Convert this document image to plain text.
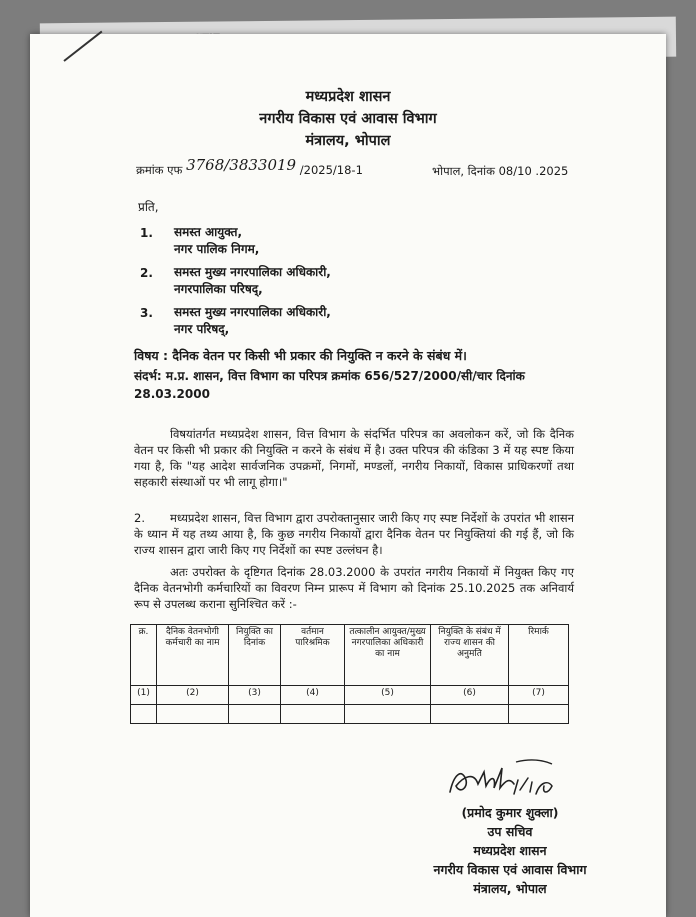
मध्यप्रदेश शासन
नगरीय विकास एवं आवास विभाग
मंत्रालय, भोपाल
क्रमांक एफ 3768/3833019 /2025/18-1	भोपाल, दिनांक 08/10 .2025
प्रति,
1. समस्त आयुक्त,
नगर पालिक निगम,
2. समस्त मुख्य नगरपालिका अधिकारी,
नगरपालिका परिषद्,
3. समस्त मुख्य नगरपालिका अधिकारी,
नगर परिषद्,
विषय : दैनिक वेतन पर किसी भी प्रकार की नियुक्ति न करने के संबंध में।
संदर्भ: म.प्र. शासन, वित्त विभाग का परिपत्र क्रमांक 656/527/2000/सी/चार दिनांक 28.03.2000
विषयांतर्गत मध्यप्रदेश शासन, वित्त विभाग के संदर्भित परिपत्र का अवलोकन करें, जो कि दैनिक वेतन पर किसी भी प्रकार की नियुक्ति न करने के संबंध में है। उक्त परिपत्र की कंडिका 3 में यह स्पष्ट किया गया है, कि "यह आदेश सार्वजनिक उपक्रमों, निगमों, मण्डलों, नगरीय निकायों, विकास प्राधिकरणों तथा सहकारी संस्थाओं पर भी लागू होगा।"
2. मध्यप्रदेश शासन, वित्त विभाग द्वारा उपरोक्तानुसार जारी किए गए स्पष्ट निर्देशों के उपरांत भी शासन के ध्यान में यह तथ्य आया है, कि कुछ नगरीय निकायों द्वारा दैनिक वेतन पर नियुक्तियां की गई हैं, जो कि राज्य शासन द्वारा जारी किए गए निर्देशों का स्पष्ट उल्लंघन है।
अतः उपरोक्त के दृष्टिगत दिनांक 28.03.2000 के उपरांत नगरीय निकायों में नियुक्त किए गए दैनिक वेतनभोगी कर्मचारियों का विवरण निम्न प्रारूप में विभाग को दिनांक 25.10.2025 तक अनिवार्य रूप से उपलब्ध कराना सुनिश्चित करें :-
क्र.	दैनिक वेतनभोगी कर्मचारी का नाम	नियुक्ति का दिनांक	वर्तमान पारिश्रमिक	तत्कालीन आयुक्त/मुख्य नगरपालिका अधिकारी का नाम	नियुक्ति के संबंध में राज्य शासन की अनुमति	रिमार्क
(1)	(2)	(3)	(4)	(5)	(6)	(7)

(प्रमोद कुमार शुक्ला)
उप सचिव
मध्यप्रदेश शासन
नगरीय विकास एवं आवास विभाग
मंत्रालय, भोपाल
